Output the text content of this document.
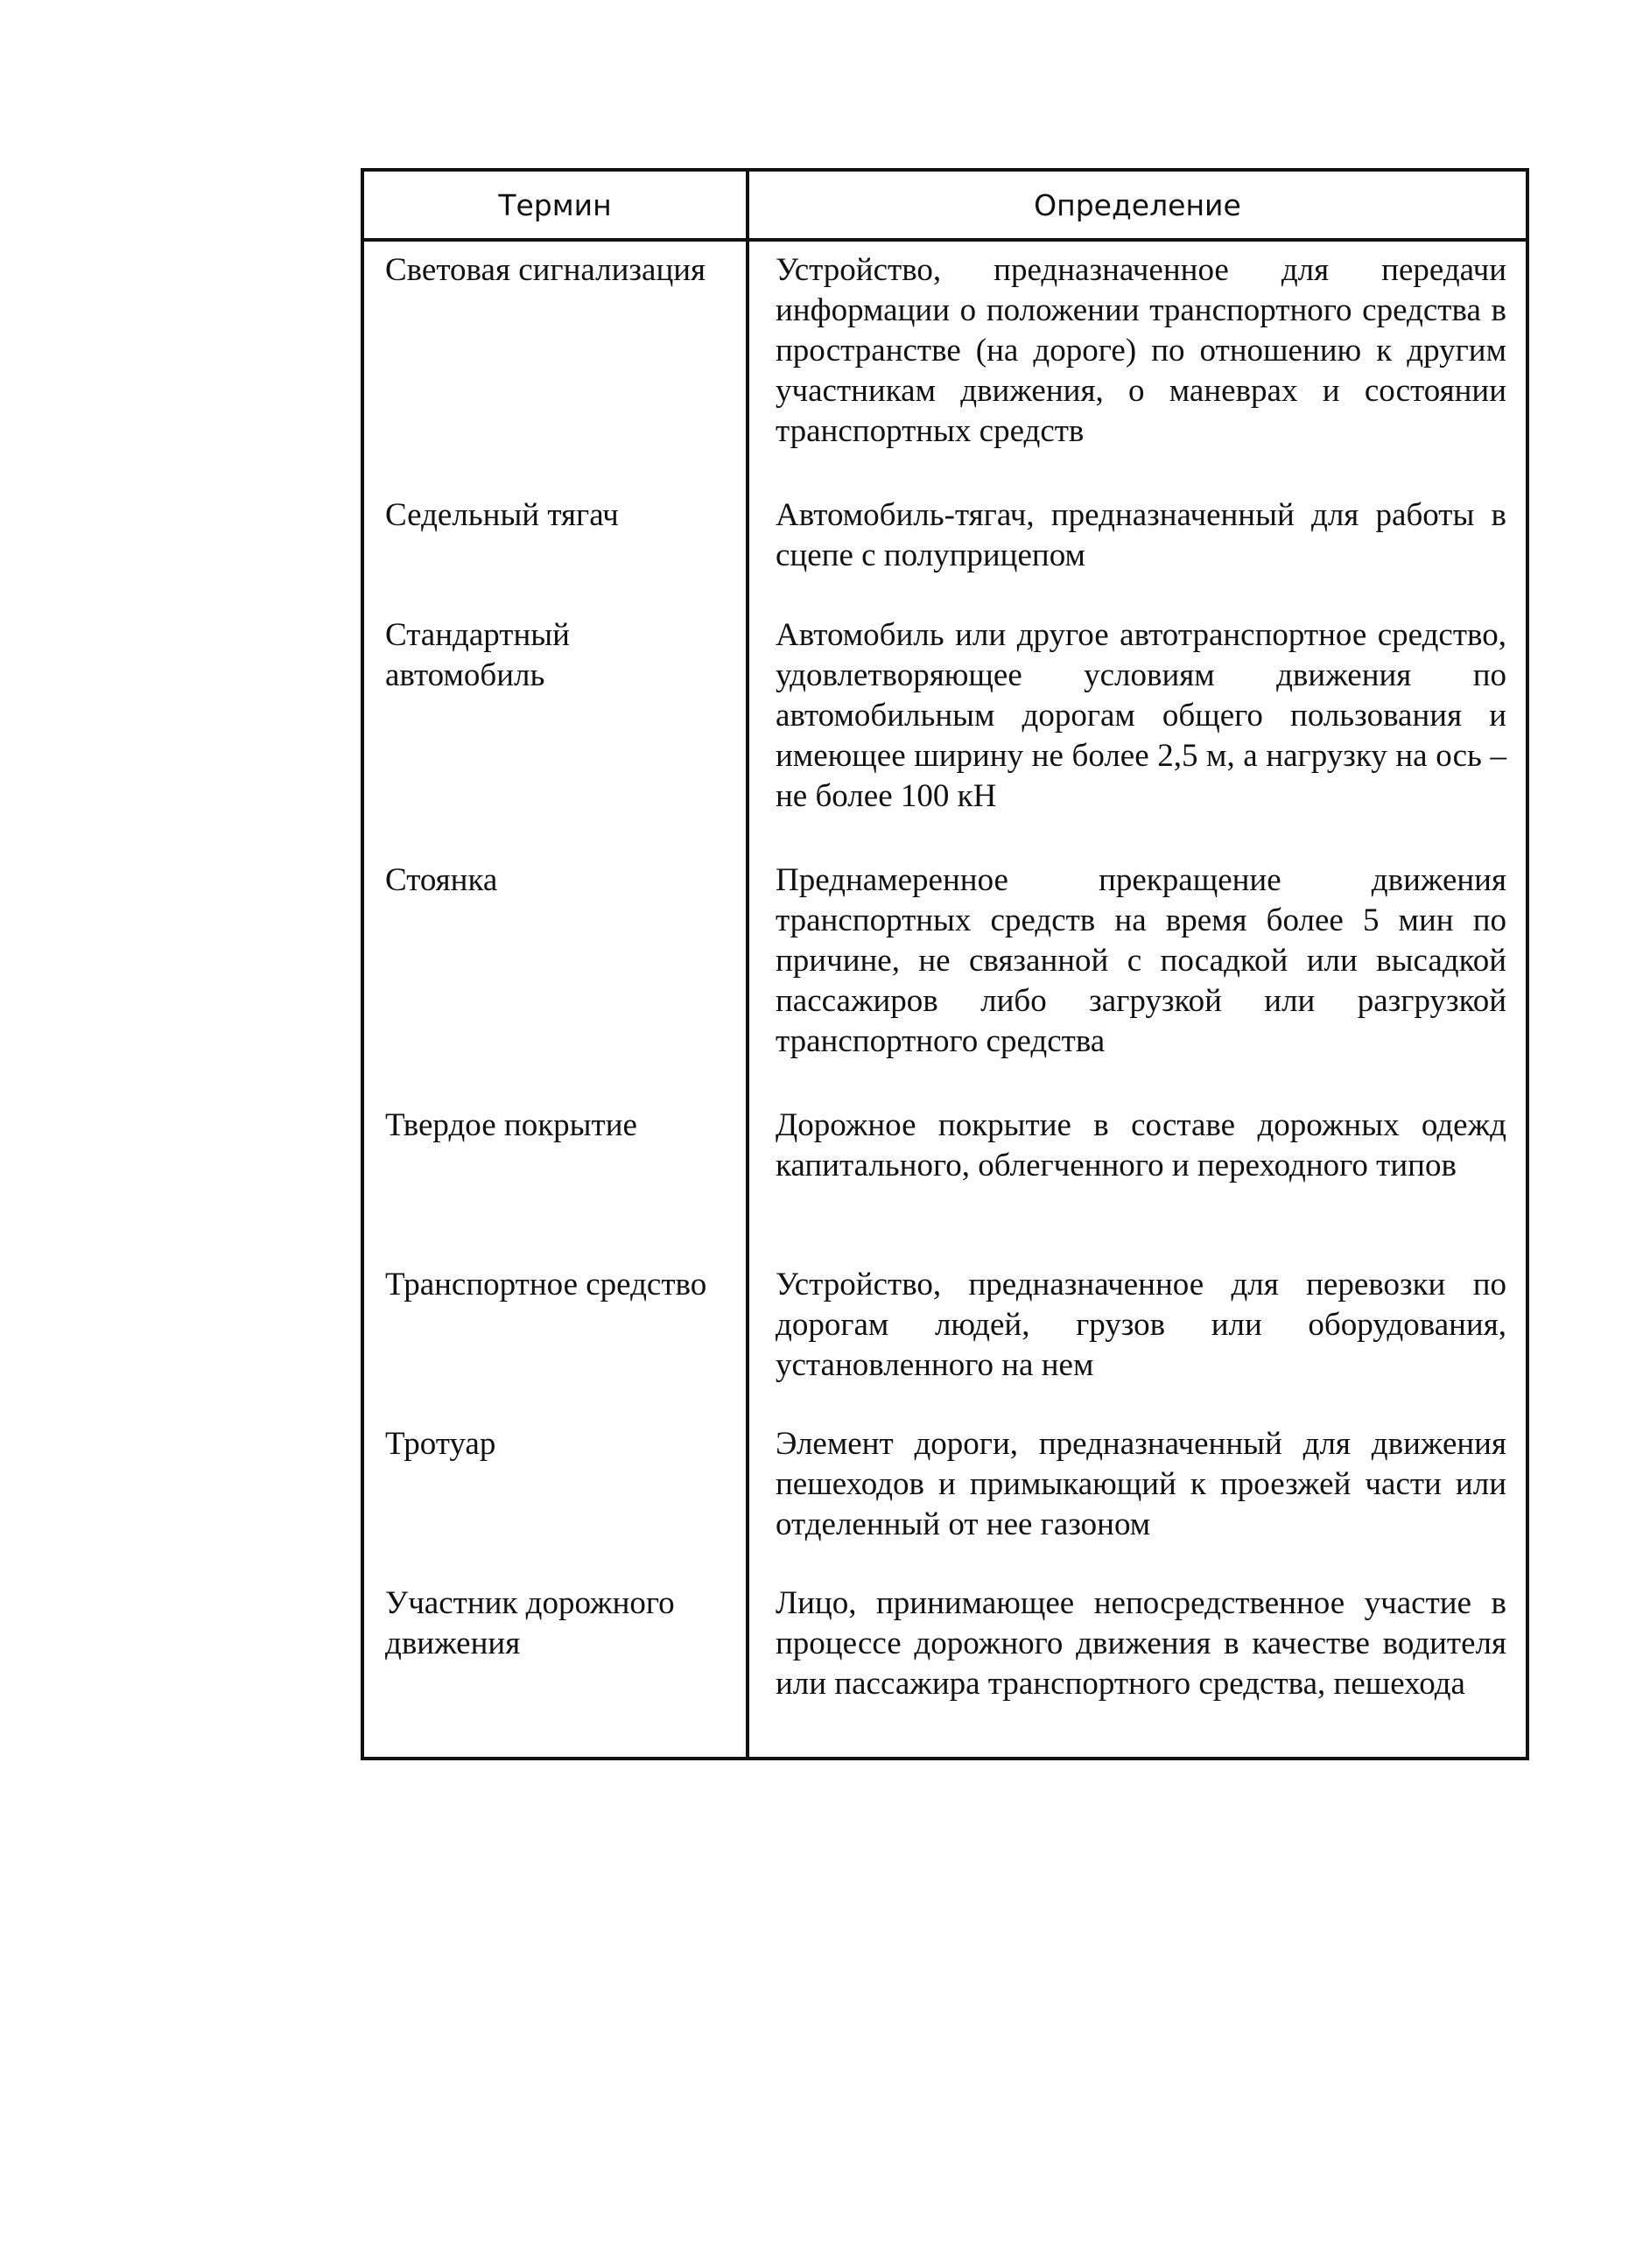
Термин	Определение
Световая сигнализация	Устройство, предназначенное для передачи информации о положении транспортного средства в пространстве (на дороге) по отношению к другим участникам движения, о маневрах и состоянии транспортных средств
Седельный тягач	Автомобиль-тягач, предназначенный для работы в сцепе с полуприцепом
Стандартный автомобиль	Автомобиль или другое автотранспортное средство, удовлетворяющее условиям движения по автомобильным дорогам общего пользования и имеющее ширину не более 2,5 м, а нагрузку на ось – не более 100 кН
Стоянка	Преднамеренное прекращение движения транспортных средств на время более 5 мин по причине, не связанной с посадкой или высадкой пассажиров либо загрузкой или разгрузкой транспортного средства
Твердое покрытие	Дорожное покрытие в составе дорожных одежд капитального, облегченного и переходного типов
Транспортное средство	Устройство, предназначенное для перевозки по дорогам людей, грузов или оборудования, установленного на нем
Тротуар	Элемент дороги, предназначенный для движения пешеходов и примыкающий к проезжей части или отделенный от нее газоном
Участник дорожного движения	Лицо, принимающее непосредственное участие в процессе дорожного движения в качестве водителя или пассажира транспортного средства, пешехода
